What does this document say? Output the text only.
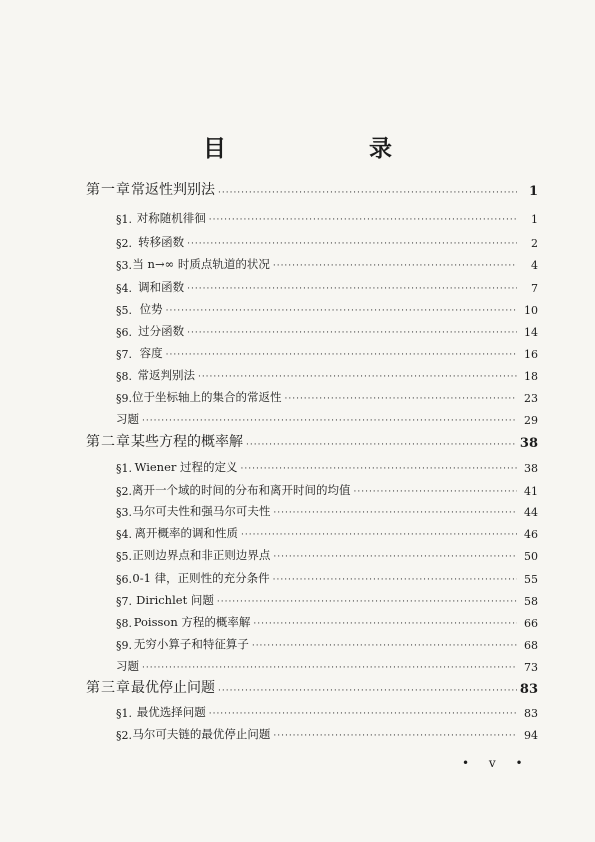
目　录
第一章 常返性判别法 ·····	1
§1. 对称随机徘徊 ·····	1
§2. 转移函数 ·····	2
§3. 当 n→∞ 时质点轨道的状况 ·····	4
§4. 调和函数 ·····	7
§5. 位势 ·····	10
§6. 过分函数 ·····	14
§7. 容度 ·····	16
§8. 常返判别法 ·····	18
§9. 位于坐标轴上的集合的常返性 ·····	23
习题 ·····	29
第二章 某些方程的概率解 ·····	38
§1. Wiener 过程的定义 ·····	38
§2. 离开一个域的时间的分布和离开时间的均值 ·····	41
§3. 马尔可夫性和强马尔可夫性 ·····	44
§4. 离开概率的调和性质 ·····	46
§5. 正则边界点和非正则边界点 ·····	50
§6. 0-1 律，正则性的充分条件 ·····	55
§7. Dirichlet 问题 ·····	58
§8. Poisson 方程的概率解 ·····	66
§9. 无穷小算子和特征算子 ·····	68
习题 ·····	73
第三章 最优停止问题 ·····	83
§1. 最优选择问题 ·····	83
§2. 马尔可夫链的最优停止问题 ·····	94
• v •
